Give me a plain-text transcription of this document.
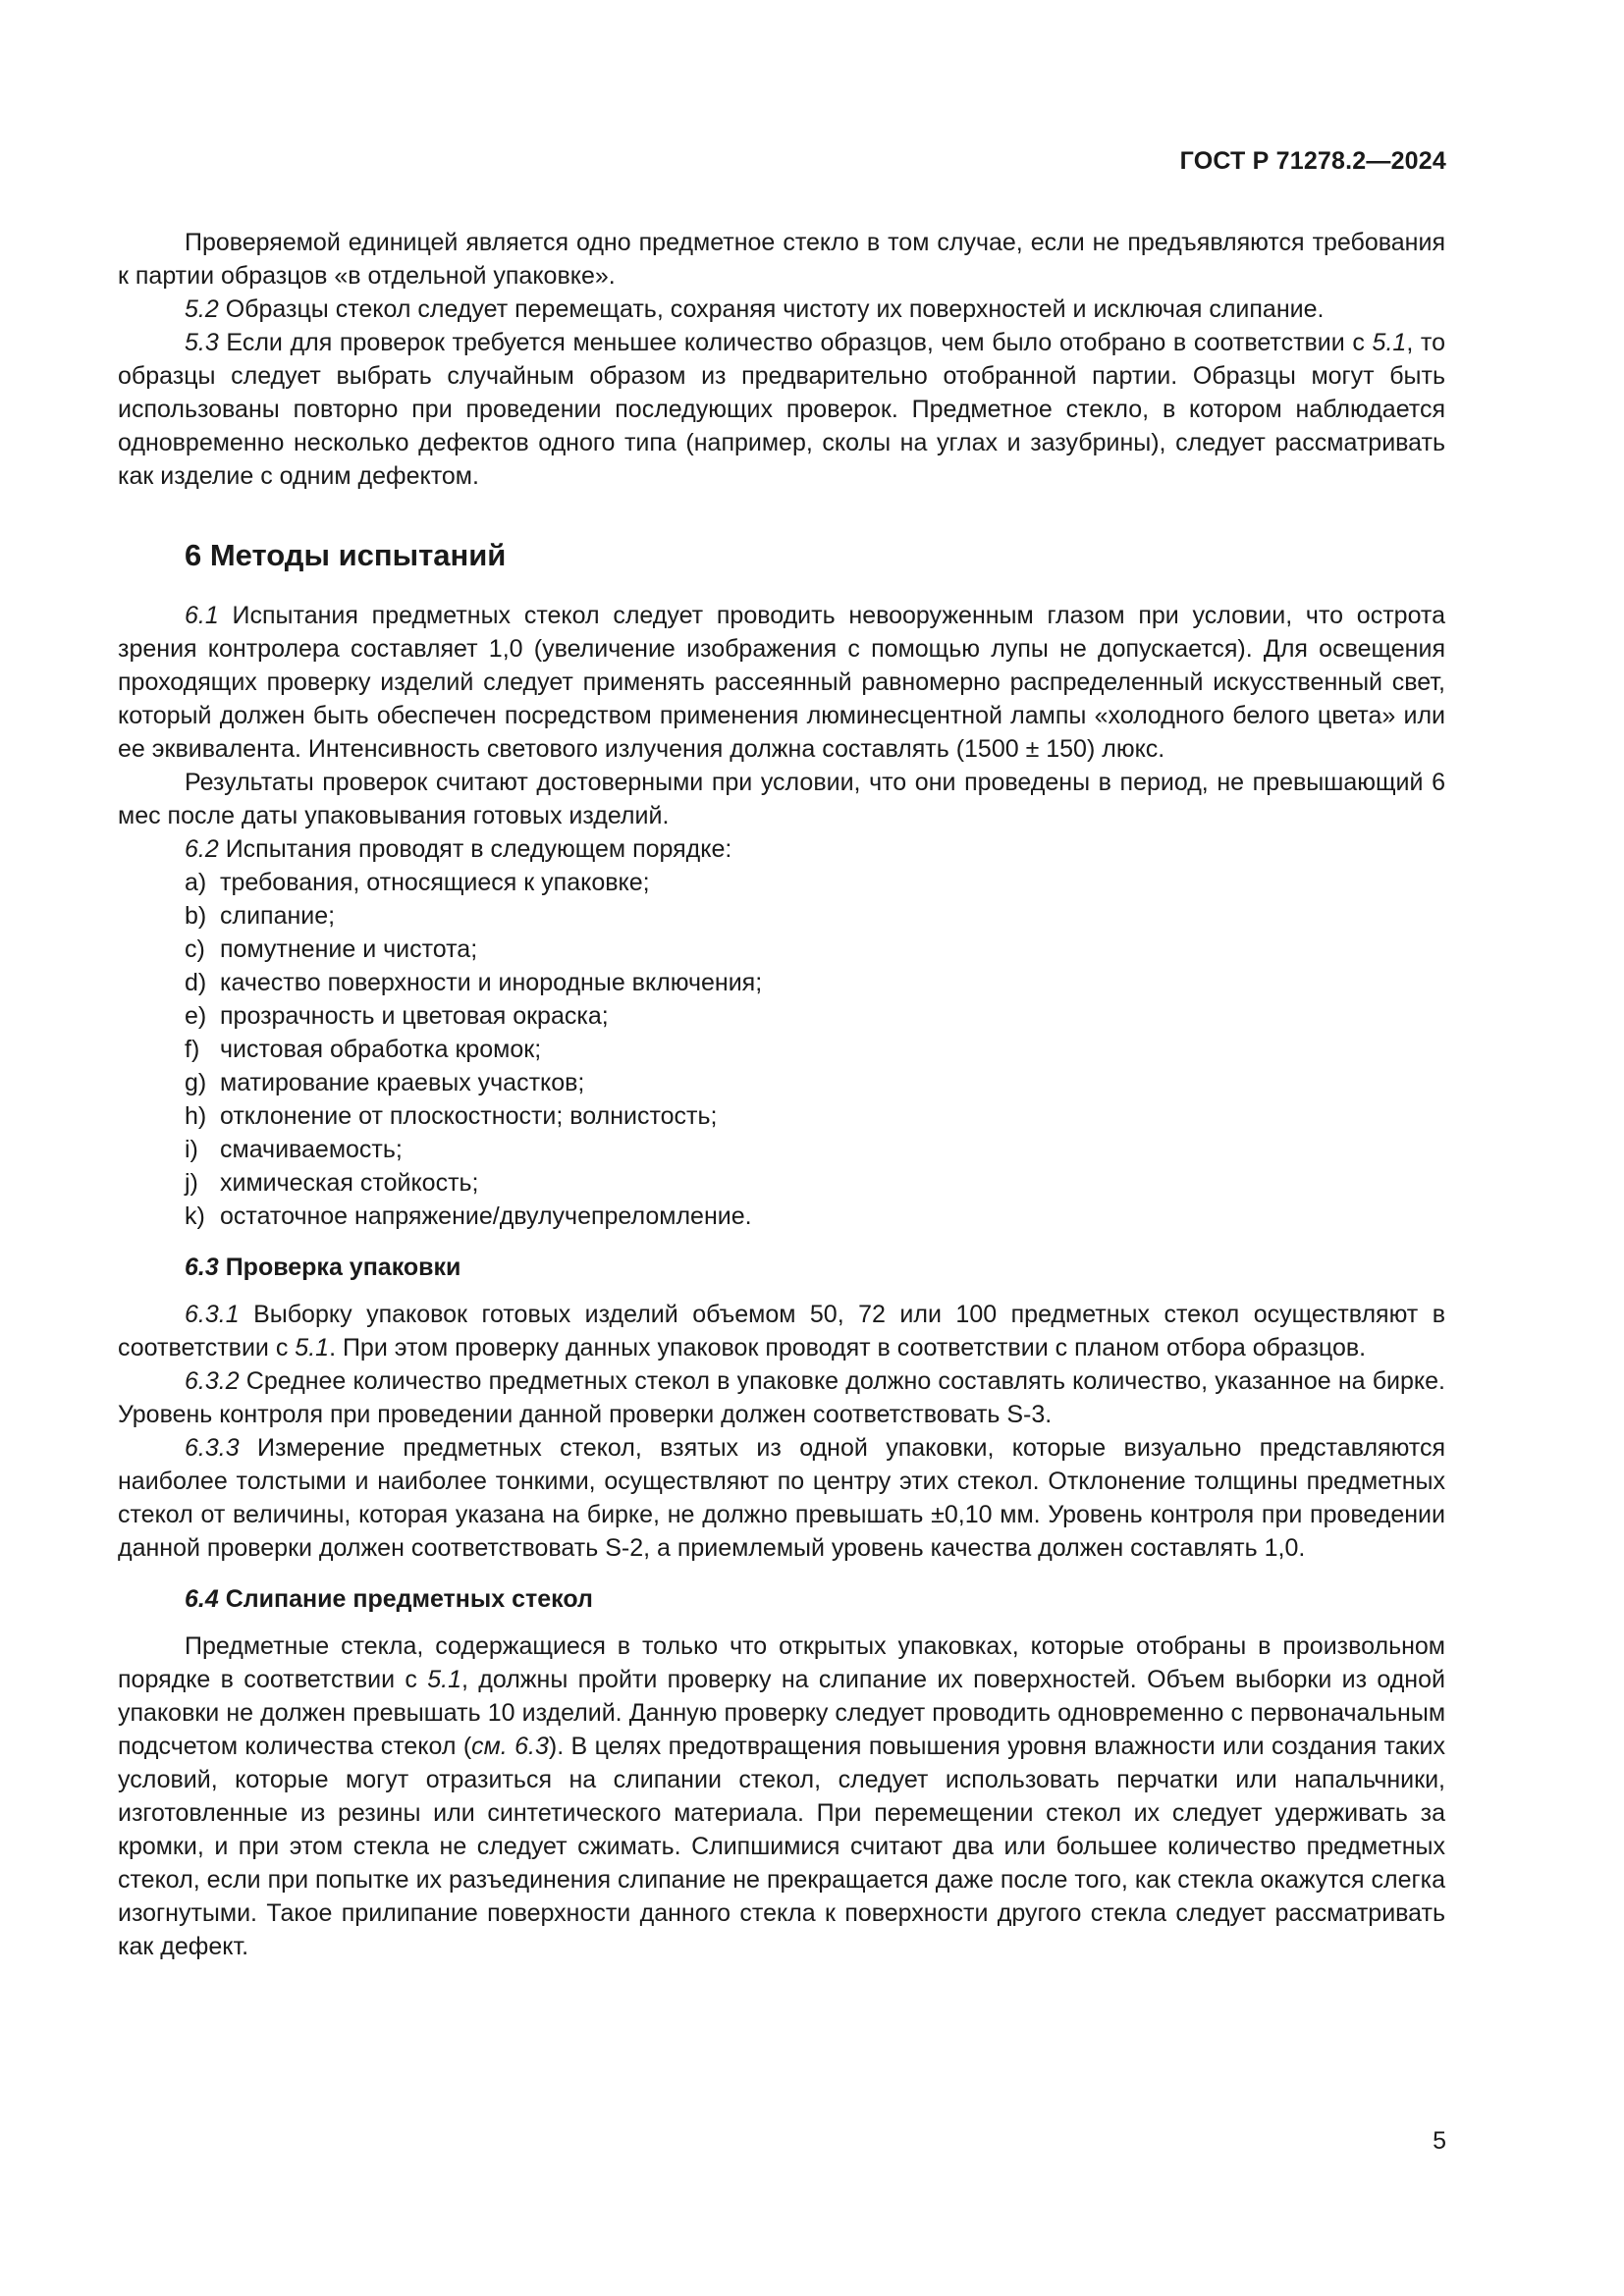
ГОСТ Р 71278.2—2024

Проверяемой единицей является одно предметное стекло в том случае, если не предъявляются требования к партии образцов «в отдельной упаковке».

5.2 Образцы стекол следует перемещать, сохраняя чистоту их поверхностей и исключая слипание.

5.3 Если для проверок требуется меньшее количество образцов, чем было отобрано в соответствии с 5.1, то образцы следует выбрать случайным образом из предварительно отобранной партии. Образцы могут быть использованы повторно при проведении последующих проверок. Предметное стекло, в котором наблюдается одновременно несколько дефектов одного типа (например, сколы на углах и зазубрины), следует рассматривать как изделие с одним дефектом.

6 Методы испытаний

6.1 Испытания предметных стекол следует проводить невооруженным глазом при условии, что острота зрения контролера составляет 1,0 (увеличение изображения с помощью лупы не допускается). Для освещения проходящих проверку изделий следует применять рассеянный равномерно распределенный искусственный свет, который должен быть обеспечен посредством применения люминесцентной лампы «холодного белого цвета» или ее эквивалента. Интенсивность светового излучения должна составлять (1500 ± 150) люкс.

Результаты проверок считают достоверными при условии, что они проведены в период, не превышающий 6 мес после даты упаковывания готовых изделий.

6.2 Испытания проводят в следующем порядке:

a) требования, относящиеся к упаковке;
b) слипание;
c) помутнение и чистота;
d) качество поверхности и инородные включения;
e) прозрачность и цветовая окраска;
f) чистовая обработка кромок;
g) матирование краевых участков;
h) отклонение от плоскостности; волнистость;
i) смачиваемость;
j) химическая стойкость;
k) остаточное напряжение/двулучепреломление.
6.3 Проверка упаковки

6.3.1 Выборку упаковок готовых изделий объемом 50, 72 или 100 предметных стекол осуществляют в соответствии с 5.1. При этом проверку данных упаковок проводят в соответствии с планом отбора образцов.

6.3.2 Среднее количество предметных стекол в упаковке должно составлять количество, указанное на бирке. Уровень контроля при проведении данной проверки должен соответствовать S-3.

6.3.3 Измерение предметных стекол, взятых из одной упаковки, которые визуально представляются наиболее толстыми и наиболее тонкими, осуществляют по центру этих стекол. Отклонение толщины предметных стекол от величины, которая указана на бирке, не должно превышать ±0,10 мм. Уровень контроля при проведении данной проверки должен соответствовать S-2, а приемлемый уровень качества должен составлять 1,0.

6.4 Слипание предметных стекол

Предметные стекла, содержащиеся в только что открытых упаковках, которые отобраны в произвольном порядке в соответствии с 5.1, должны пройти проверку на слипание их поверхностей. Объем выборки из одной упаковки не должен превышать 10 изделий. Данную проверку следует проводить одновременно с первоначальным подсчетом количества стекол (см. 6.3). В целях предотвращения повышения уровня влажности или создания таких условий, которые могут отразиться на слипании стекол, следует использовать перчатки или напальчники, изготовленные из резины или синтетического материала. При перемещении стекол их следует удерживать за кромки, и при этом стекла не следует сжимать. Слипшимися считают два или большее количество предметных стекол, если при попытке их разъединения слипание не прекращается даже после того, как стекла окажутся слегка изогнутыми. Такое прилипание поверхности данного стекла к поверхности другого стекла следует рассматривать как дефект.

5
